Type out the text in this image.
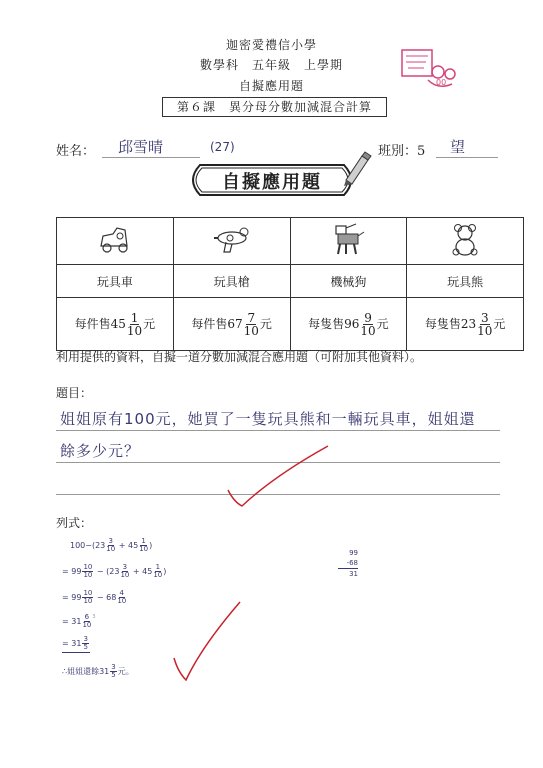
迦密愛禮信小學
數學科　五年級　上學期
自擬應用題
第６課　異分母分數加減混合計算
00
姓名： 邱雪晴	(27)	班別：5 望
自擬應用題

玩具車	玩具槍	機械狗	玩具熊
每件售$45 \frac{1}{10}$ 元	每件售$67 \frac{7}{10}$ 元	每隻售$96 \frac{9}{10}$ 元	每隻售$23 \frac{3}{10}$ 元
利用提供的資料，自擬一道分數加減混合應用題（可附加其他資料）。
題目：
姐姐原有100元，她買了一隻玩具熊和一輛玩具車，姐姐還
餘多少元？
列式：
$100-(23 \frac{3}{10} + 45 \frac{1}{10}$ )
= $99 \frac{10}{10} - (23 \frac{3}{10} + 45 \frac{1}{10}$ )
= $99 \frac{10}{10} - 68 \frac{4}{10}$
= $31 \frac{6}{10} ^3$
= $31 \frac{3}{5}$
∴姐姐還餘$31 \frac{3}{5}$ 元。
99
-68
31
